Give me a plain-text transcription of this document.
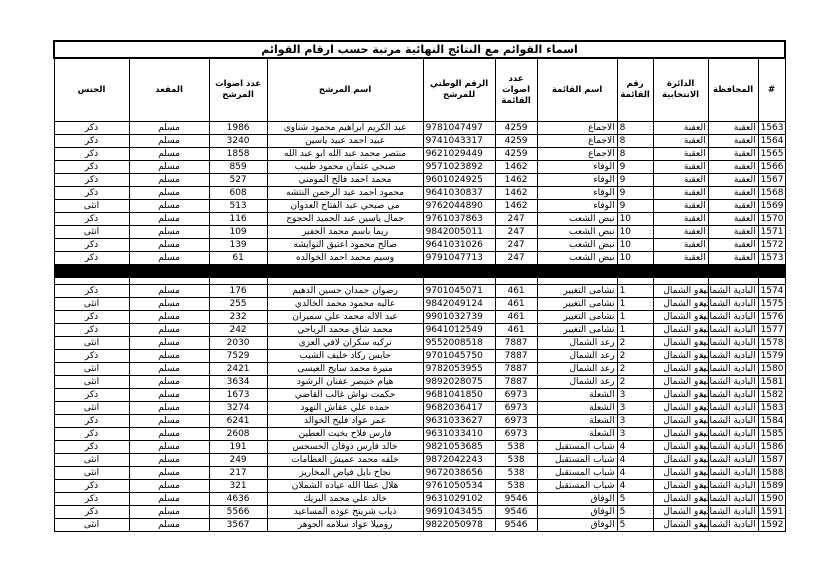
اسماء القوائم مع النتائج النهائية مرتبة حسب ارقام القوائم										
#	المحافظة	الدائرة الانتخابية	رقم القائمة	اسم القائمة	عدد اصوات القائمة	الرقم الوطني للمرشح	اسم المرشح	عدد اصوات المرشح	المقعد	الجنس
1563	العقبة	العقبة	8	الاجماع	4259	9781047497	عبد الكريم ابراهيم محمود شناوي	1986	مسلم	ذكر
1564	العقبة	العقبة	8	الاجماع	4259	9741043317	عبيد احمد عبيد ياسين	3240	مسلم	ذكر
1565	العقبة	العقبة	8	الاجماع	4259	9621029449	منتصر محمد عبد الله ابو عبد الله	1858	مسلم	ذكر
1566	العقبة	العقبة	9	الوفاء	1462	9571023892	صبحي عثمان محمود طبيب	859	مسلم	ذكر
1567	العقبة	العقبة	9	الوفاء	1462	9601024925	محمد احمد فالح المومني	527	مسلم	ذكر
1568	العقبة	العقبة	9	الوفاء	1462	9641030837	محمود احمد عبد الرحمن النتشه	608	مسلم	ذكر
1569	العقبة	العقبة	9	الوفاء	1462	9762044890	مي صبحي عبد الفتاح العدوان	513	مسلم	انثى
1570	العقبة	العقبة	10	نبض الشعب	247	9761037863	جمال ياسين عبد الحميد الحجوج	116	مسلم	ذكر
1571	العقبة	العقبة	10	نبض الشعب	247	9842005011	ريما باسم محمد الجفير	109	مسلم	انثى
1572	العقبة	العقبة	10	نبض الشعب	247	9641031026	صالح محمود اعتيق النوايشه	139	مسلم	ذكر
1573	العقبة	العقبة	10	نبض الشعب	247	9791047713	وسيم محمد احمد الخوالده	61	مسلم	ذكر

1574	البادية الشمالية	بدو الشمال	1	نشامى التغيير	461	9701045071	رضوان حمدان حسين الدهيم	176	مسلم	ذكر
1575	البادية الشمالية	بدو الشمال	1	نشامى التغيير	461	9842049124	عاليه محمود محمد الخالدي	255	مسلم	انثى
1576	البادية الشمالية	بدو الشمال	1	نشامى التغيير	461	9901032739	عبد الاله محمد علي سميران	232	مسلم	ذكر
1577	البادية الشمالية	بدو الشمال	1	نشامى التغيير	461	9641012549	محمد شاق محمد الرباحي	242	مسلم	ذكر
1578	البادية الشمالية	بدو الشمال	2	رعد الشمال	7887	9552008518	تركيه سكران لافي العزي	2030	مسلم	انثى
1579	البادية الشمالية	بدو الشمال	2	رعد الشمال	7887	9701045750	حابس ركاد خليف الشيب	7529	مسلم	ذكر
1580	البادية الشمالية	بدو الشمال	2	رعد الشمال	7887	9782053955	منيرة محمد سايح العيسى	2421	مسلم	انثى
1581	البادية الشمالية	بدو الشمال	2	رعد الشمال	7887	9892028075	هيام خنيصر عفنان الرشود	3634	مسلم	انثى
1582	البادية الشمالية	بدو الشمال	3	الشعلة	6973	9681041850	حكمت نواش غالب القاضي	1673	مسلم	ذكر
1583	البادية الشمالية	بدو الشمال	3	الشعلة	6973	9682036417	حمده علي عقاش النهود	3274	مسلم	انثى
1584	البادية الشمالية	بدو الشمال	3	الشعلة	6973	9631033627	عمر عواد فليح الخوالد	6241	مسلم	ذكر
1585	البادية الشمالية	بدو الشمال	3	الشعلة	6973	9631033410	فارس فلاح بخيت العطين	2608	مسلم	ذكر
1586	البادية الشمالية	بدو الشمال	4	شباب المستقبل	538	9821053685	خالد فارس ذوقان الحسحس	191	مسلم	ذكر
1587	البادية الشمالية	بدو الشمال	4	شباب المستقبل	538	9872042243	خلفه محمد عميش العظامات	249	مسلم	انثى
1588	البادية الشمالية	بدو الشمال	4	شباب المستقبل	538	9672038656	نجاح نايل فياض المخاريز	217	مسلم	انثى
1589	البادية الشمالية	بدو الشمال	4	شباب المستقبل	538	9761050534	هلال عطا الله عياده الشملان	321	مسلم	ذكر
1590	البادية الشمالية	بدو الشمال	5	الوفاق	9546	9631029102	خالد علي محمد البريك	4636	مسلم	ذكر
1591	البادية الشمالية	بدو الشمال	5	الوفاق	9546	9691043455	ذياب شريتح عوده المساعيد	5566	مسلم	ذكر
1592	البادية الشمالية	بدو الشمال	5	الوفاق	9546	9822050978	روميلا عواد سلامه الجوهر	3567	مسلم	انثى
